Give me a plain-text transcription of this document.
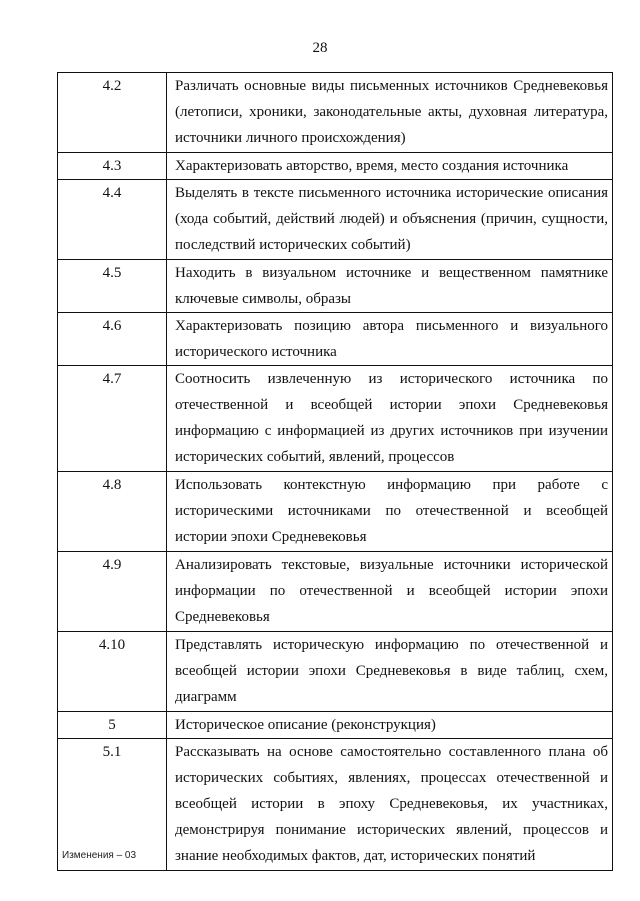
28
4.2	Различать основные виды письменных источников Средневековья (летописи, хроники, законодательные акты, духовная литература, источники личного происхождения)
4.3	Характеризовать авторство, время, место создания источника
4.4	Выделять в тексте письменного источника исторические описания (хода событий, действий людей) и объяснения (причин, сущности, последствий исторических событий)
4.5	Находить в визуальном источнике и вещественном памятнике ключевые символы, образы
4.6	Характеризовать позицию автора письменного и визуального исторического источника
4.7	Соотносить извлеченную из исторического источника по отечественной и всеобщей истории эпохи Средневековья информацию с информацией из других источников при изучении исторических событий, явлений, процессов
4.8	Использовать контекстную информацию при работе с историческими источниками по отечественной и всеобщей истории эпохи Средневековья
4.9	Анализировать текстовые, визуальные источники исторической информации по отечественной и всеобщей истории эпохи Средневековья
4.10	Представлять историческую информацию по отечественной и всеобщей истории эпохи Средневековья в виде таблиц, схем, диаграмм
5	Историческое описание (реконструкция)
5.1	Рассказывать на основе самостоятельно составленного плана об исторических событиях, явлениях, процессах отечественной и всеобщей истории в эпоху Средневековья, их участниках, демонстрируя понимание исторических явлений, процессов и знание необходимых фактов, дат, исторических понятий
Изменения – 03
